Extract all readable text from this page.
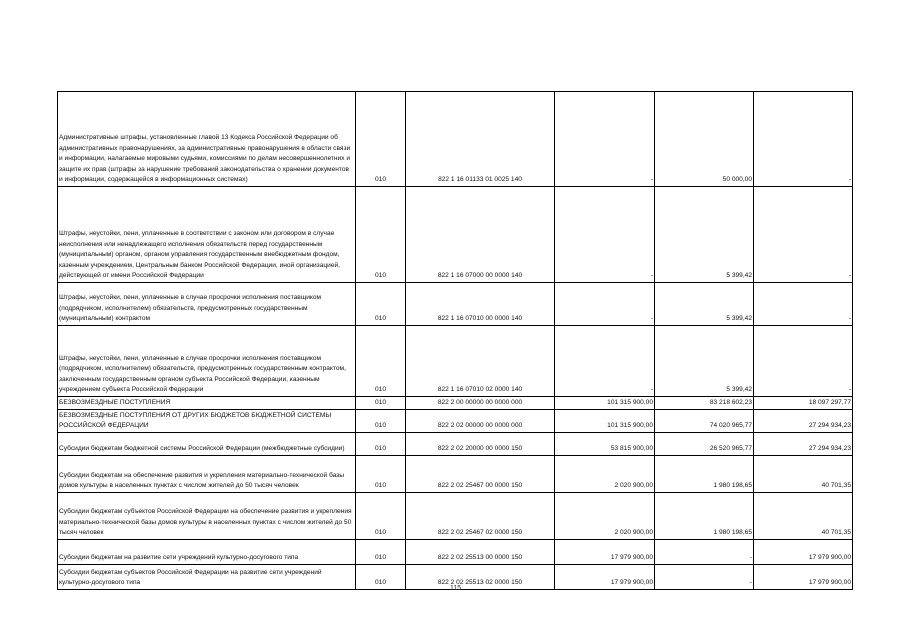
Административные штрафы, установленные главой 13 Кодекса Российской Федерации об административных правонарушениях, за административные правонарушения в области связи и информации, налагаемые мировыми судьями, комиссиями по делам несовершеннолетних и защите их прав (штрафы за нарушение требований законодательства о хранении документов и информации, содержащейся в информационных системах)	010	822 1 16 01133 01 0025 140	-	50 000,00	-

Штрафы, неустойки, пени, уплаченные в соответствии с законом или договором в случае неисполнения или ненадлежащего исполнения обязательств перед государственным (муниципальным) органом, органом управления государственным внебюджетным фондом, казенным учреждением, Центральным банком Российской Федерации, иной организацией, действующей от имени Российской Федерации	010	822 1 16 07000 00 0000 140	-	5 399,42	-

Штрафы, неустойки, пени, уплаченные в случае просрочки исполнения поставщиком (подрядчиком, исполнителем) обязательств, предусмотренных государственным (муниципальным) контрактом	010	822 1 16 07010 00 0000 140	-	5 399,42	-

Штрафы, неустойки, пени, уплаченные в случае просрочки исполнения поставщиком (подрядчиком, исполнителем) обязательств, предусмотренных государственным контрактом, заключенным государственным органом субъекта Российской Федерации, казенным учреждением субъекта Российской Федерации	010	822 1 16 07010 02 0000 140	-	5 399,42	-

БЕЗВОЗМЕЗДНЫЕ ПОСТУПЛЕНИЯ	010	822 2 00 00000 00 0000 000	101 315 900,00	83 218 602,23	18 097 297,77

БЕЗВОЗМЕЗДНЫЕ ПОСТУПЛЕНИЯ ОТ ДРУГИХ БЮДЖЕТОВ БЮДЖЕТНОЙ СИСТЕМЫ РОССИЙСКОЙ ФЕДЕРАЦИИ	010	822 2 02 00000 00 0000 000	101 315 900,00	74 020 965,77	27 294 934,23

Субсидии бюджетам бюджетной системы Российской Федерации (межбюджетные субсидии)	010	822 2 02 20000 00 0000 150	53 815 900,00	26 520 965,77	27 294 934,23

Субсидии бюджетам на обеспечение развития и укрепления материально-технической базы домов культуры в населенных пунктах с числом жителей до 50 тысяч человек	010	822 2 02 25467 00 0000 150	2 020 900,00	1 980 198,65	40 701,35

Субсидии бюджетам субъектов Российской Федерации на обеспечение развития и укрепления материально-технической базы домов культуры в населенных пунктах с числом жителей до 50 тысяч человек	010	822 2 02 25467 02 0000 150	2 020 900,00	1 980 198,65	40 701,35

Субсидии бюджетам на развитие сети учреждений культурно-досугового типа	010	822 2 02 25513 00 0000 150	17 979 900,00	-	17 979 900,00

Субсидии бюджетам субъектов Российской Федерации на развитие сети учреждений культурно-досугового типа	010	822 2 02 25513 02 0000 150	17 979 900,00	-	17 979 900,00
115
